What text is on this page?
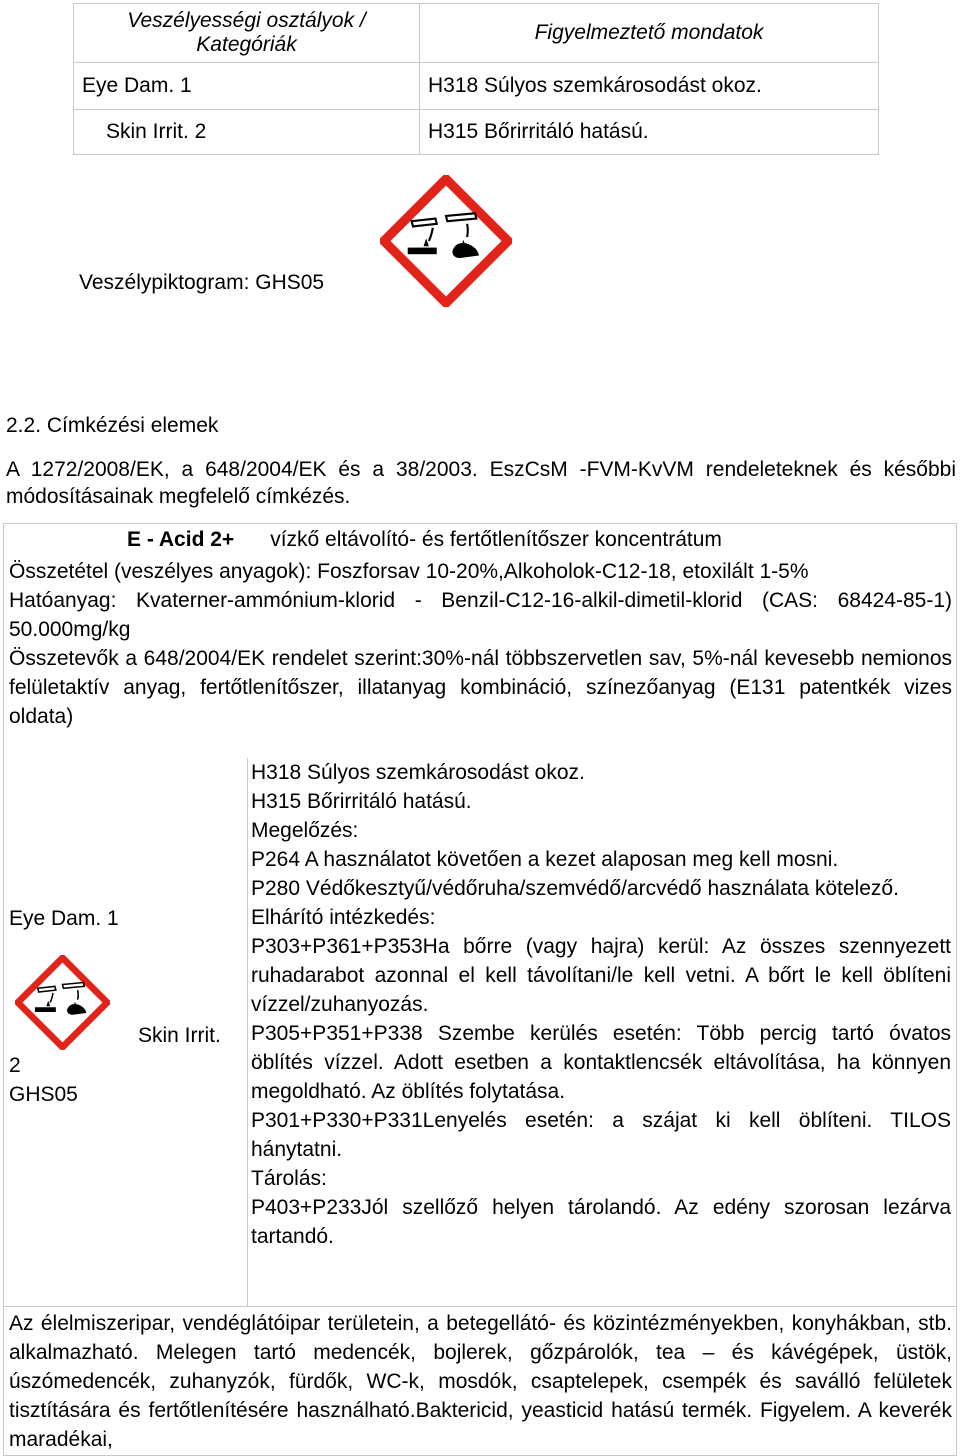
Veszélyességi osztályok / Kategóriák	Figyelmeztető mondatok
Eye Dam. 1	H318 Súlyos szemkárosodást okoz.
Skin Irrit. 2	H315 Bőrirritáló hatású.
Veszélypiktogram: GHS05
2.2. Címkézési elemek
A 1272/2008/EK, a 648/2004/EK és a 38/2003. EszCsM -FVM-KvVM rendeleteknek és későbbi módosításainak megfelelő címkézés.
E - Acid 2+ vízkő eltávolító- és fertőtlenítőszer koncentrátum

Összetétel (veszélyes anyagok): Foszforsav 10-20%,Alkoholok-C12-18, etoxilált 1-5%

Hatóanyag: Kvaterner-ammónium-klorid - Benzil-C12-16-alkil-dimetil-klorid (CAS: 68424-85-1) 50.000mg/kg

Összetevők a 648/2004/EK rendelet szerint:30%-nál többszervetlen sav, 5%-nál kevesebb nemionos felületaktív anyag, fertőtlenítőszer, illatanyag kombináció, színezőanyag (E131 patentkék vizes oldata)

Eye Dam. 1
Skin Irrit.
2
GHS05

H318 Súlyos szemkárosodást okoz.

H315 Bőrirritáló hatású.

Megelőzés:

P264 A használatot követően a kezet alaposan meg kell mosni.

P280 Védőkesztyű/védőruha/szemvédő/arcvédő használata kötelező.

Elhárító intézkedés:

P303+P361+P353Ha bőrre (vagy hajra) kerül: Az összes szennyezett ruhadarabot azonnal el kell távolítani/le kell vetni. A bőrt le kell öblíteni vízzel/zuhanyozás.

P305+P351+P338 Szembe kerülés esetén: Több percig tartó óvatos öblítés vízzel. Adott esetben a kontaktlencsék eltávolítása, ha könnyen megoldható. Az öblítés folytatása.

P301+P330+P331Lenyelés esetén: a szájat ki kell öblíteni. TILOS hánytatni.

Tárolás:

P403+P233Jól szellőző helyen tárolandó. Az edény szorosan lezárva tartandó.

Az élelmiszeripar, vendéglátóipar területein, a betegellátó- és közintézményekben, konyhákban, stb. alkalmazható. Melegen tartó medencék, bojlerek, gőzpárolók, tea – és kávégépek, üstök, úszómedencék, zuhanyzók, fürdők, WC-k, mosdók, csaptelepek, csempék és saválló felületek tisztítására és fertőtlenítésére használható.Baktericid, yeasticid hatású termék. Figyelem. A keverék maradékai,
